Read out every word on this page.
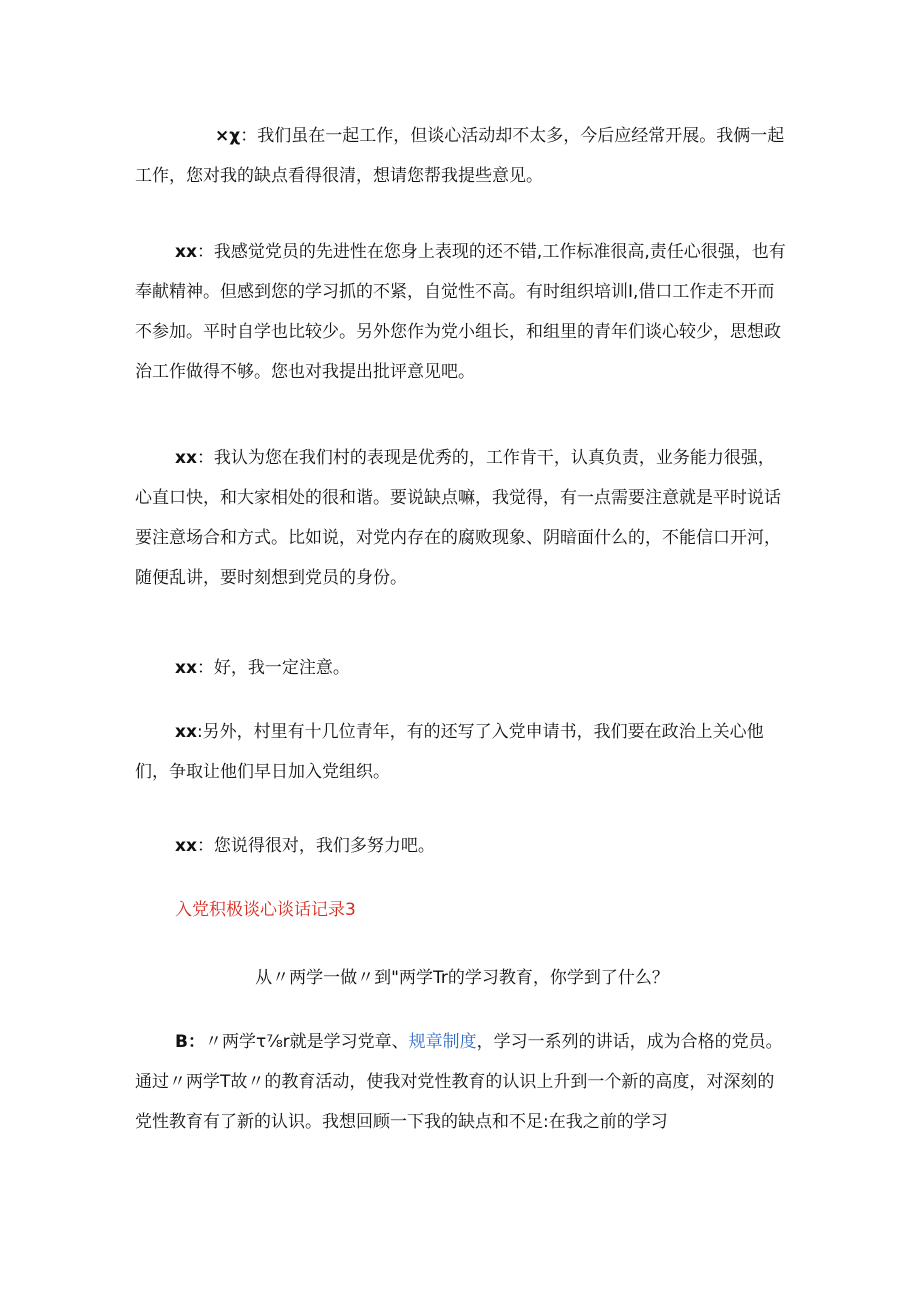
×χ：我们虽在一起工作，但谈心活动却不太多，今后应经常开展。我俩一起工作，您对我的缺点看得很清，想请您帮我提些意见。

xx：我感觉党员的先进性在您身上表现的还不错,工作标准很高,责任心很强，也有奉献精神。但感到您的学习抓的不紧，自觉性不高。有时组织培训I,借口工作走不开而不参加。平时自学也比较少。另外您作为党小组长，和组里的青年们谈心较少，思想政治工作做得不够。您也对我提出批评意见吧。

xx：我认为您在我们村的表现是优秀的，工作肯干，认真负责，业务能力很强，心直口快，和大家相处的很和谐。要说缺点嘛，我觉得，有一点需要注意就是平时说话要注意场合和方式。比如说，对党内存在的腐败现象、阴暗面什么的，不能信口开河，随便乱讲，要时刻想到党员的身份。

xx：好，我一定注意。

xx:另外，村里有十几位青年，有的还写了入党申请书，我们要在政治上关心他们，争取让他们早日加入党组织。

xx：您说得很对，我们多努力吧。

入党积极谈心谈话记录3
从〃两学一做〃到"两学Tr的学习教育，你学到了什么？

B：〃两学τ⅞r就是学习党章、规章制度，学习一系列的讲话，成为合格的党员。通过〃两学T故〃的教育活动，使我对党性教育的认识上升到一个新的高度，对深刻的党性教育有了新的认识。我想回顾一下我的缺点和不足:在我之前的学习
